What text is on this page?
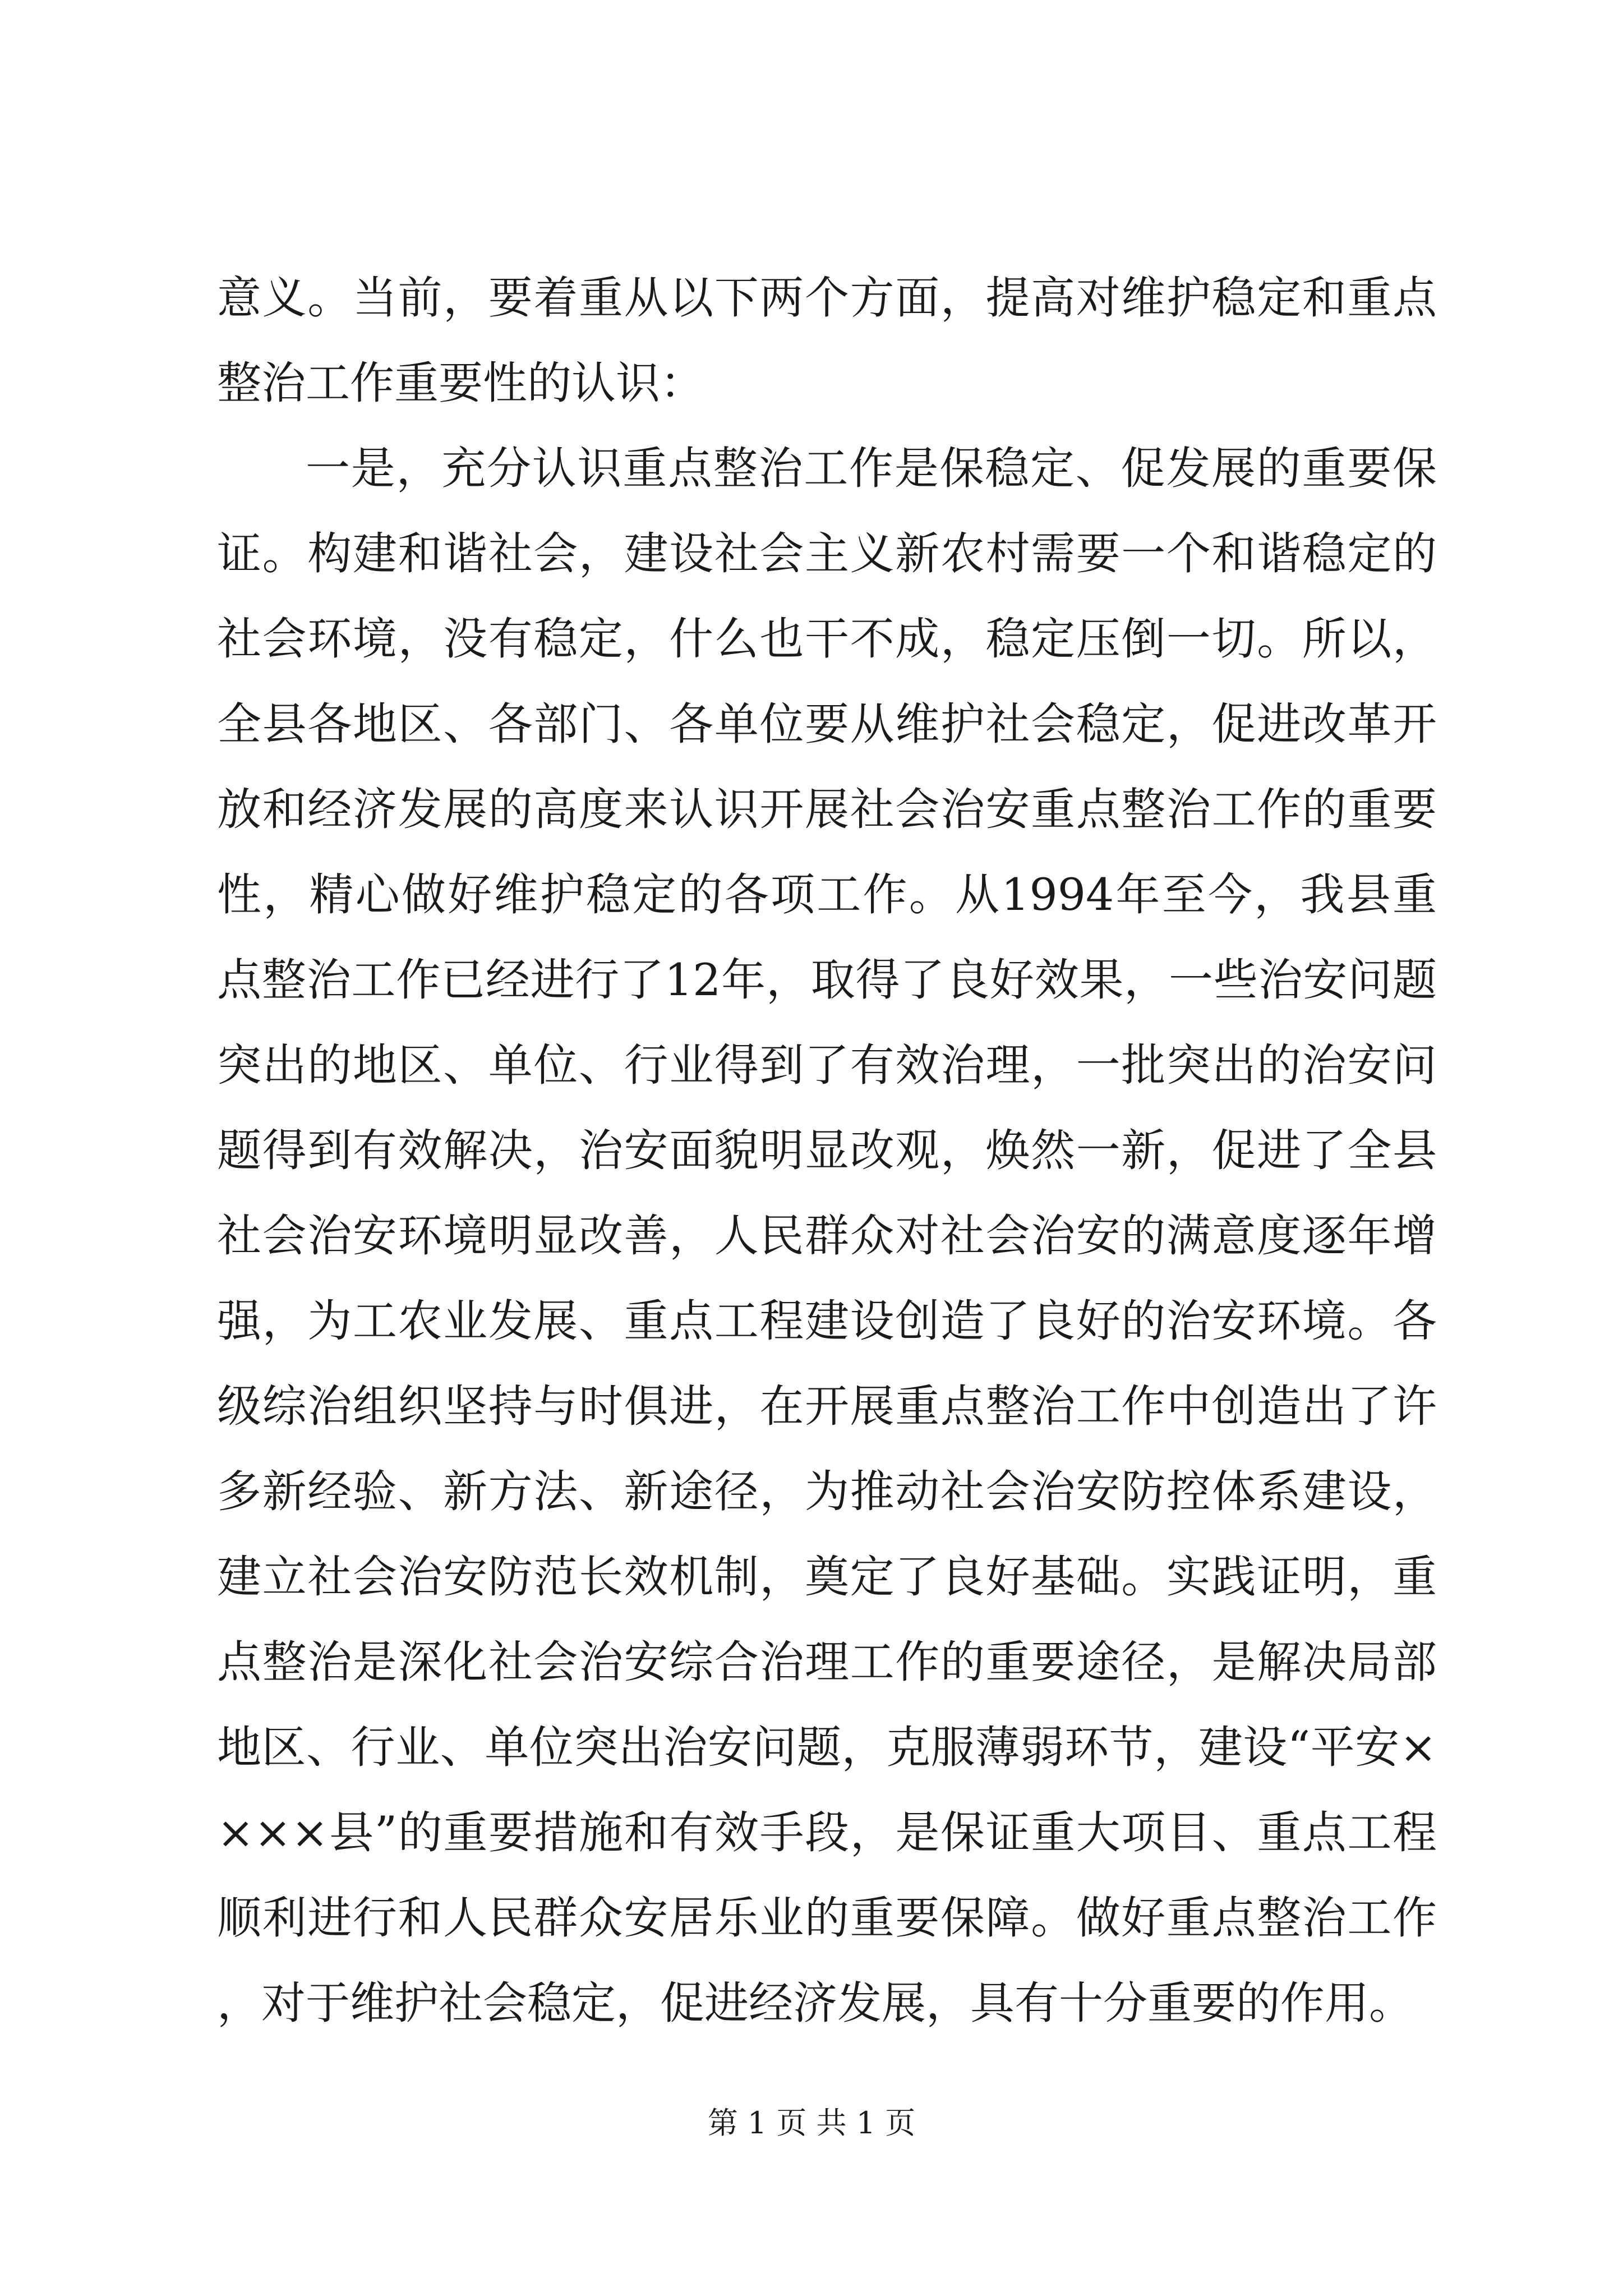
意义。当前，要着重从以下两个方面，提高对维护稳定和重点整治工作重要性的认识：

一是，充分认识重点整治工作是保稳定、促发展的重要保证。构建和谐社会，建设社会主义新农村需要一个和谐稳定的社会环境，没有稳定，什么也干不成，稳定压倒一切。所以，全县各地区、各部门、各单位要从维护社会稳定，促进改革开放和经济发展的高度来认识开展社会治安重点整治工作的重要性，精心做好维护稳定的各项工作。从1994年至今，我县重点整治工作已经进行了12年，取得了良好效果，一些治安问题突出的地区、单位、行业得到了有效治理，一批突出的治安问题得到有效解决，治安面貌明显改观，焕然一新，促进了全县社会治安环境明显改善，人民群众对社会治安的满意度逐年增强，为工农业发展、重点工程建设创造了良好的治安环境。各级综治组织坚持与时俱进，在开展重点整治工作中创造出了许多新经验、新方法、新途径，为推动社会治安防控体系建设，建立社会治安防范长效机制，奠定了良好基础。实践证明，重点整治是深化社会治安综合治理工作的重要途径，是解决局部地区、行业、单位突出治安问题，克服薄弱环节，建设“平安××××县”的重要措施和有效手段，是保证重大项目、重点工程顺利进行和人民群众安居乐业的重要保障。做好重点整治工作，对于维护社会稳定，促进经济发展，具有十分重要的作用。

第 1 页 共 1 页
